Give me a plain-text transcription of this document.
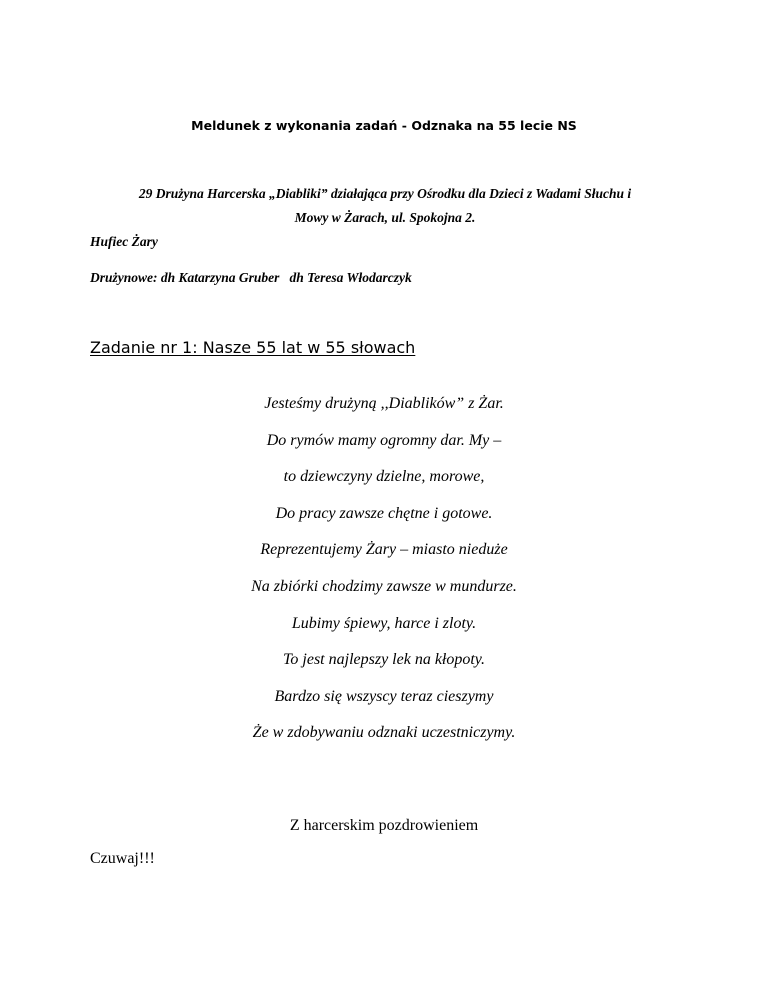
Meldunek z wykonania zadań - Odznaka na 55 lecie NS
29 Drużyna Harcerska „Diabliki” działająca przy Ośrodku dla Dzieci z Wadami Słuchu i
Mowy w Żarach, ul. Spokojna 2.
Hufiec Żary
Drużynowe: dh Katarzyna Gruber   dh Teresa Włodarczyk
Zadanie nr 1: Nasze 55 lat w 55 słowach
Jesteśmy drużyną ,,Diablików” z Żar.
Do rymów mamy ogromny dar. My –
to dziewczyny dzielne, morowe,
Do pracy zawsze chętne i gotowe.
Reprezentujemy Żary – miasto nieduże
Na zbiórki chodzimy zawsze w mundurze.
Lubimy śpiewy, harce i zloty.
To jest najlepszy lek na kłopoty.
Bardzo się wszyscy teraz cieszymy
Że w zdobywaniu odznaki uczestniczymy.
Z harcerskim pozdrowieniem
Czuwaj!!!
